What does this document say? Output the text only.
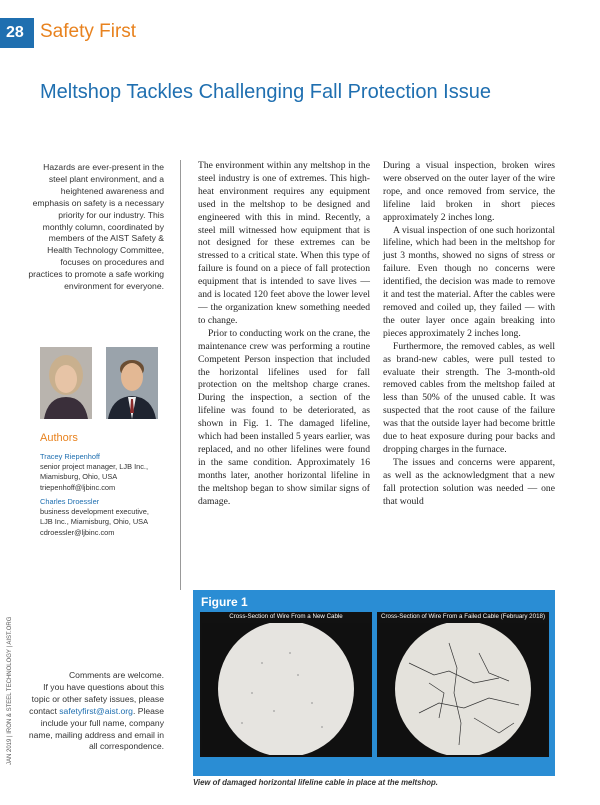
28 Safety First
Meltshop Tackles Challenging Fall Protection Issue
Hazards are ever-present in the steel plant environment, and a heightened awareness and emphasis on safety is a necessary priority for our industry. This monthly column, coordinated by members of the AIST Safety & Health Technology Committee, focuses on procedures and practices to promote a safe working environment for everyone.
Authors
Tracey Riepenhoff
senior project manager, LJB Inc.,
Miamisburg, Ohio, USA
triepenhoff@ljbinc.com
Charles Droessler
business development executive,
LJB Inc., Miamisburg, Ohio, USA
cdroessler@ljbinc.com

The environment within any meltshop in the steel industry is one of extremes. This high-heat environment requires any equipment used in the meltshop to be designed and engineered with this in mind. Recently, a steel mill witnessed how equipment that is not designed for these extremes can be stressed to a critical state. When this type of failure is found on a piece of fall protection equipment that is intended to save lives — and is located 120 feet above the lower level — the organization knew something needed to change.

Prior to conducting work on the crane, the maintenance crew was performing a routine Competent Person inspection that included the horizontal lifelines used for fall protection on the meltshop charge cranes. During the inspection, a section of the lifeline was found to be deteriorated, as shown in Fig. 1. The damaged lifeline, which had been installed 5 years earlier, was replaced, and no other lifelines were found in the same condition. Approximately 16 months later, another horizontal lifeline in the meltshop began to show similar signs of damage.

During a visual inspection, broken wires were observed on the outer layer of the wire rope, and once removed from service, the lifeline laid broken in short pieces approximately 2 inches long.

A visual inspection of one such horizontal lifeline, which had been in the meltshop for just 3 months, showed no signs of stress or failure. Even though no concerns were identified, the decision was made to remove it and test the material. After the cables were removed and coiled up, they failed — with the outer layer once again breaking into pieces approximately 2 inches long.

Furthermore, the removed cables, as well as brand-new cables, were pull tested to evaluate their strength. The 3-month-old removed cables from the meltshop failed at less than 50% of the unused cable. It was suspected that the root cause of the failure was that the outside layer had become brittle due to heat exposure during pour backs and dropping charges in the furnace.

The issues and concerns were apparent, as well as the acknowledgment that a new fall protection solution was needed — one that would

Figure 1
Cross-Section of Wire From a New Cable	Cross-Section of Wire From a Failed Cable (February 2018)
View of damaged horizontal lifeline cable in place at the meltshop.
JAN 2019 | IRON & STEEL TECHNOLOGY | AIST.ORG	Comments are welcome.
If you have questions about this topic or other safety issues, please contact safetyfirst@aist.org. Please include your full name, company name, mailing address and email in all correspondence.
